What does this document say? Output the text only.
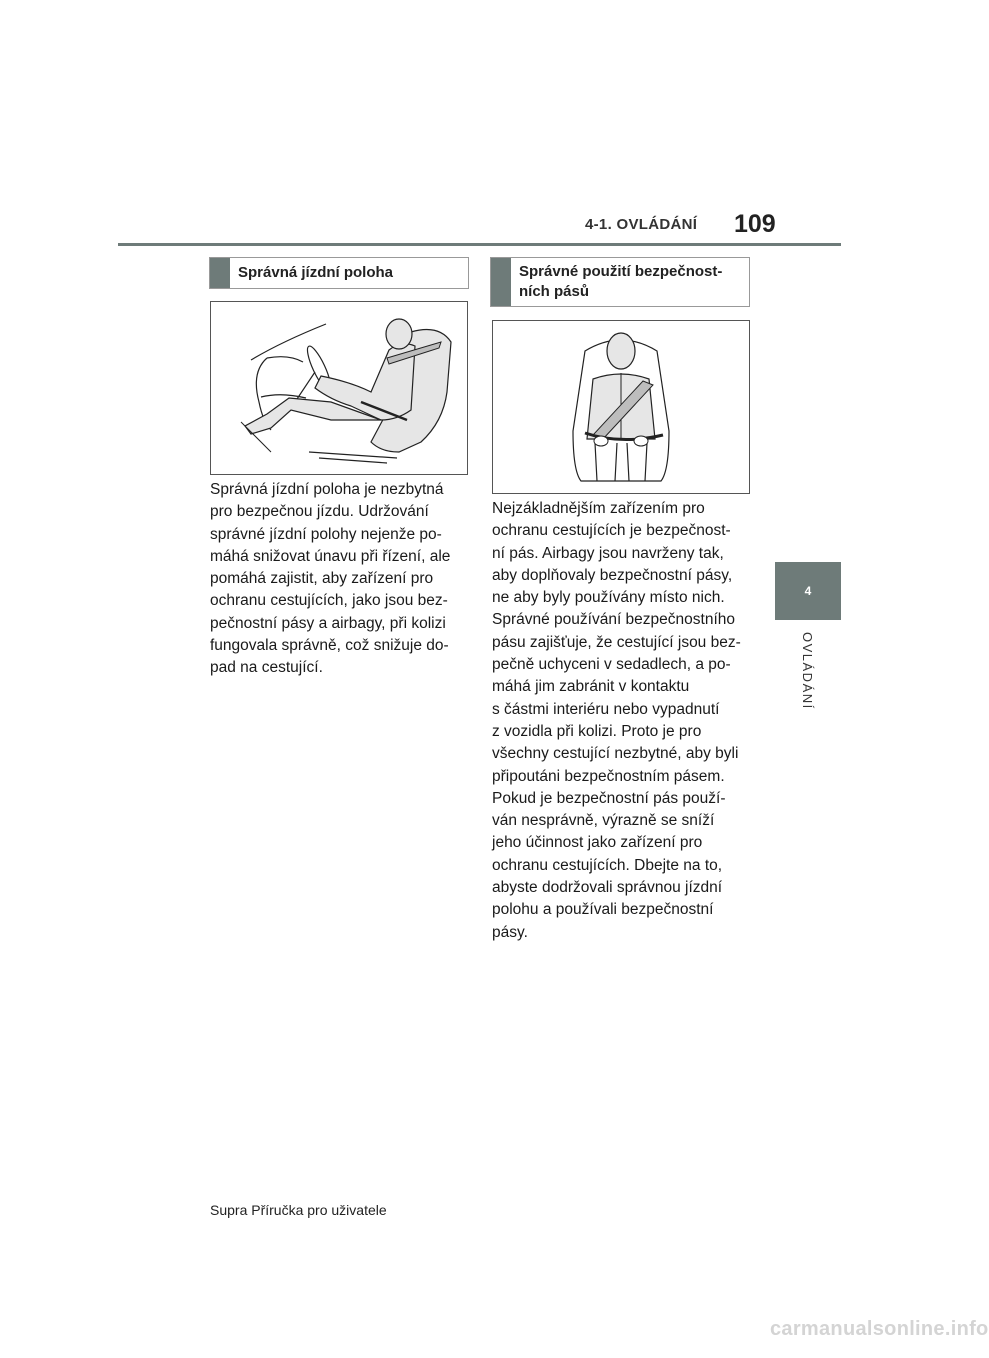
4-1. OVLÁDÁNÍ 109
4
OVLÁDÁNÍ
Správná jízdní poloha
Správná jízdní poloha je nezbytná
pro bezpečnou jízdu. Udržování
správné jízdní polohy nejenže po-
máhá snižovat únavu při řízení, ale
pomáhá zajistit, aby zařízení pro
ochranu cestujících, jako jsou bez-
pečnostní pásy a airbagy, při kolizi
fungovala správně, což snižuje do-
pad na cestující.
Správné použití bezpečnost-
ních pásů
Nejzákladnějším zařízením pro
ochranu cestujících je bezpečnost-
ní pás. Airbagy jsou navrženy tak,
aby doplňovaly bezpečnostní pásy,
ne aby byly používány místo nich.
Správné používání bezpečnostního
pásu zajišťuje, že cestující jsou bez-
pečně uchyceni v sedadlech, a po-
máhá jim zabránit v kontaktu
s částmi interiéru nebo vypadnutí
z vozidla při kolizi. Proto je pro
všechny cestující nezbytné, aby byli
připoutáni bezpečnostním pásem.
Pokud je bezpečnostní pás použí-
ván nesprávně, výrazně se sníží
jeho účinnost jako zařízení pro
ochranu cestujících. Dbejte na to,
abyste dodržovali správnou jízdní
polohu a používali bezpečnostní
pásy.
Supra Příručka pro uživatele
carmanualsonline.info
